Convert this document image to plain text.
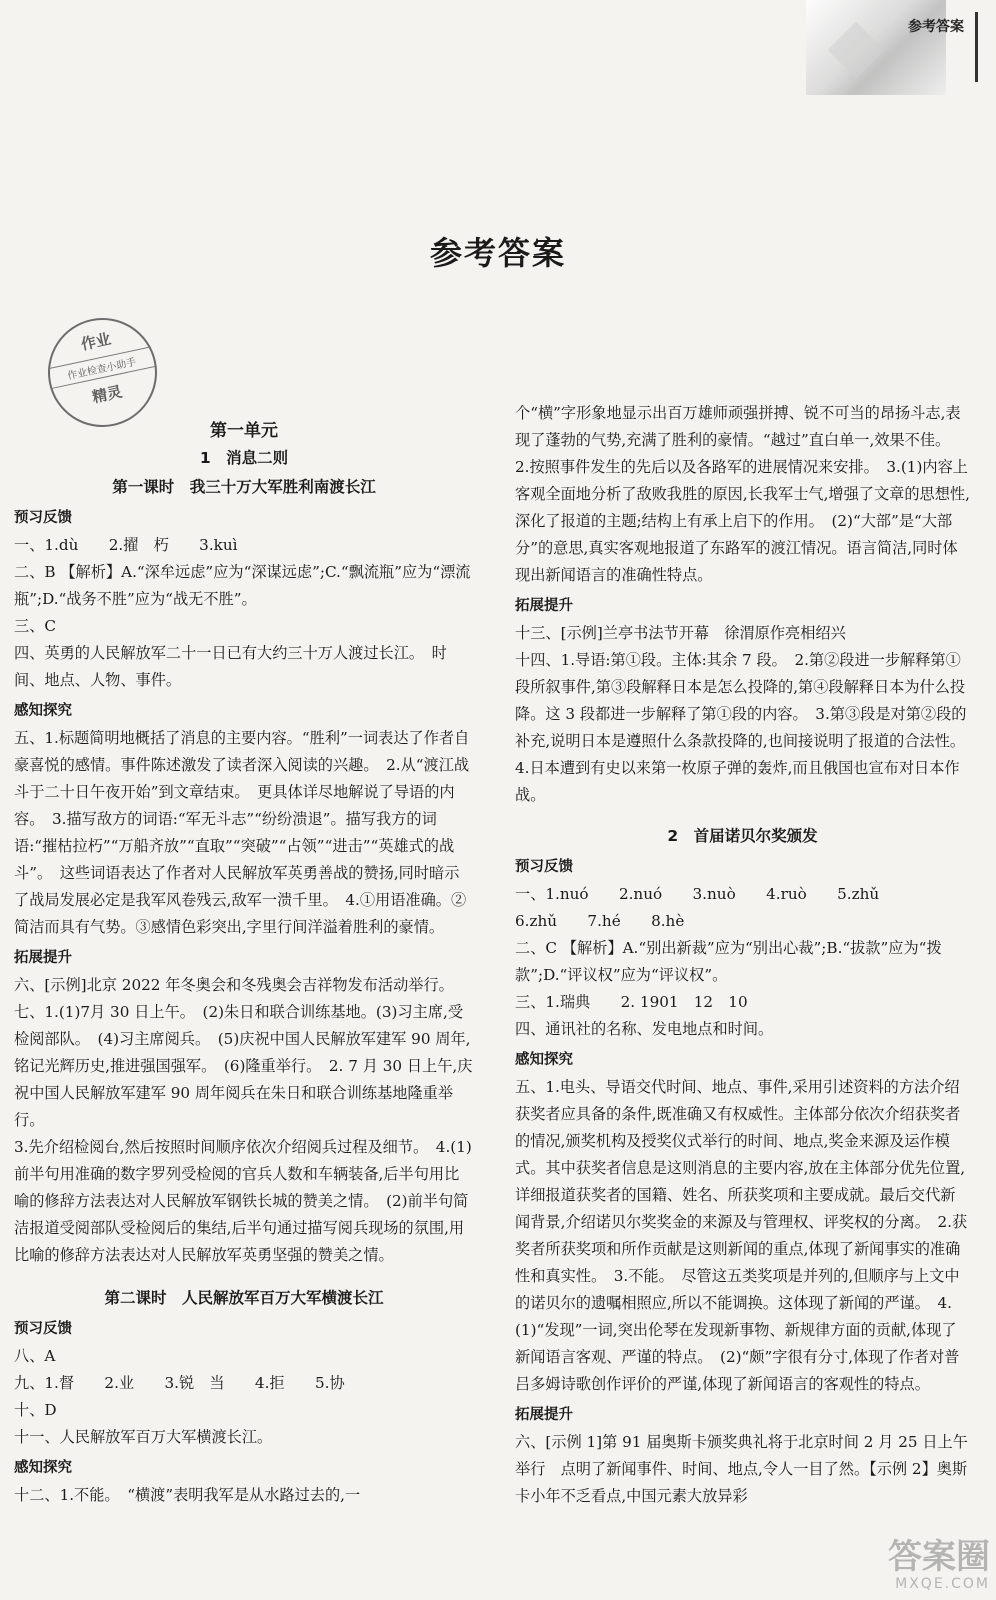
参考答案
参考答案
作业
作业检查小助手
精灵

第一单元

1　消息二则

第一课时　我三十万大军胜利南渡长江

预习反馈

一、1.dù　　2.擢　朽　　3.kuì

二、B 【解析】A.“深牟远虑”应为“深谋远虑”;C.“飘流瓶”应为“漂流瓶”;D.“战务不胜”应为“战无不胜”。

三、C

四、英勇的人民解放军二十一日已有大约三十万人渡过长江。　时间、地点、人物、事件。

感知探究

五、1.标题简明地概括了消息的主要内容。“胜利”一词表达了作者自豪喜悦的感情。事件陈述激发了读者深入阅读的兴趣。　2.从“渡江战斗于二十日午夜开始”到文章结束。　更具体详尽地解说了导语的内容。　3.描写敌方的词语:“军无斗志”“纷纷溃退”。描写我方的词语:“摧枯拉朽”“万船齐放”“直取”“突破”“占领”“进击”“英雄式的战斗”。　这些词语表达了作者对人民解放军英勇善战的赞扬,同时暗示了战局发展必定是我军风卷残云,敌军一溃千里。　4.①用语准确。②简洁而具有气势。③感情色彩突出,字里行间洋溢着胜利的豪情。

拓展提升

六、[示例]北京 2022 年冬奥会和冬残奥会吉祥物发布活动举行。

七、1.(1)7月 30 日上午。　(2)朱日和联合训练基地。(3)习主席,受检阅部队。　(4)习主席阅兵。　(5)庆祝中国人民解放军建军 90 周年,铭记光辉历史,推进强国强军。　(6)隆重举行。　2. 7 月 30 日上午,庆祝中国人民解放军建军 90 周年阅兵在朱日和联合训练基地隆重举行。

3.先介绍检阅台,然后按照时间顺序依次介绍阅兵过程及细节。　4.(1)前半句用准确的数字罗列受检阅的官兵人数和车辆装备,后半句用比喻的修辞方法表达对人民解放军钢铁长城的赞美之情。　(2)前半句简洁报道受阅部队受检阅后的集结,后半句通过描写阅兵现场的氛围,用比喻的修辞方法表达对人民解放军英勇坚强的赞美之情。

第二课时　人民解放军百万大军横渡长江

预习反馈

八、A

九、1.督　　2.业　　3.锐　当　　4.拒　　5.协

十、D

十一、人民解放军百万大军横渡长江。

感知探究

十二、1.不能。　“横渡”表明我军是从水路过去的,一

个“横”字形象地显示出百万雄师顽强拼搏、锐不可当的昂扬斗志,表现了蓬勃的气势,充满了胜利的豪情。“越过”直白单一,效果不佳。　2.按照事件发生的先后以及各路军的进展情况来安排。　3.(1)内容上客观全面地分析了敌败我胜的原因,长我军士气,增强了文章的思想性,深化了报道的主题;结构上有承上启下的作用。　(2)“大部”是“大部分”的意思,真实客观地报道了东路军的渡江情况。语言简洁,同时体现出新闻语言的准确性特点。

拓展提升

十三、[示例]兰亭书法节开幕　徐渭原作亮相绍兴

十四、1.导语:第①段。主体:其余 7 段。　2.第②段进一步解释第①段所叙事件,第③段解释日本是怎么投降的,第④段解释日本为什么投降。这 3 段都进一步解释了第①段的内容。　3.第③段是对第②段的补充,说明日本是遵照什么条款投降的,也间接说明了报道的合法性。

4.日本遭到有史以来第一枚原子弹的轰炸,而且俄国也宣布对日本作战。

2　首届诺贝尔奖颁发

预习反馈

一、1.nuó　　2.nuó　　3.nuò　　4.ruò　　5.zhǔ

6.zhǔ　　7.hé　　8.hè

二、C 【解析】A.“别出新裁”应为“别出心裁”;B.“拔款”应为“拨款”;D.“评议权”应为“评议权”。

三、1.瑞典　　2. 1901　12　10

四、通讯社的名称、发电地点和时间。

感知探究

五、1.电头、导语交代时间、地点、事件,采用引述资料的方法介绍获奖者应具备的条件,既准确又有权威性。主体部分依次介绍获奖者的情况,颁奖机构及授奖仪式举行的时间、地点,奖金来源及运作模式。其中获奖者信息是这则消息的主要内容,放在主体部分优先位置,详细报道获奖者的国籍、姓名、所获奖项和主要成就。最后交代新闻背景,介绍诺贝尔奖奖金的来源及与管理权、评奖权的分离。　2.获奖者所获奖项和所作贡献是这则新闻的重点,体现了新闻事实的准确性和真实性。　3.不能。　尽管这五类奖项是并列的,但顺序与上文中的诺贝尔的遗嘱相照应,所以不能调换。这体现了新闻的严谨。　4.(1)“发现”一词,突出伦琴在发现新事物、新规律方面的贡献,体现了新闻语言客观、严谨的特点。　(2)“颇”字很有分寸,体现了作者对普吕多姆诗歌创作评价的严谨,体现了新闻语言的客观性的特点。

拓展提升

六、[示例 1]第 91 届奥斯卡颁奖典礼将于北京时间 2 月 25 日上午举行　点明了新闻事件、时间、地点,令人一目了然。【示例 2】奥斯卡小年不乏看点,中国元素大放异彩

答案圈
MXQE.COM
